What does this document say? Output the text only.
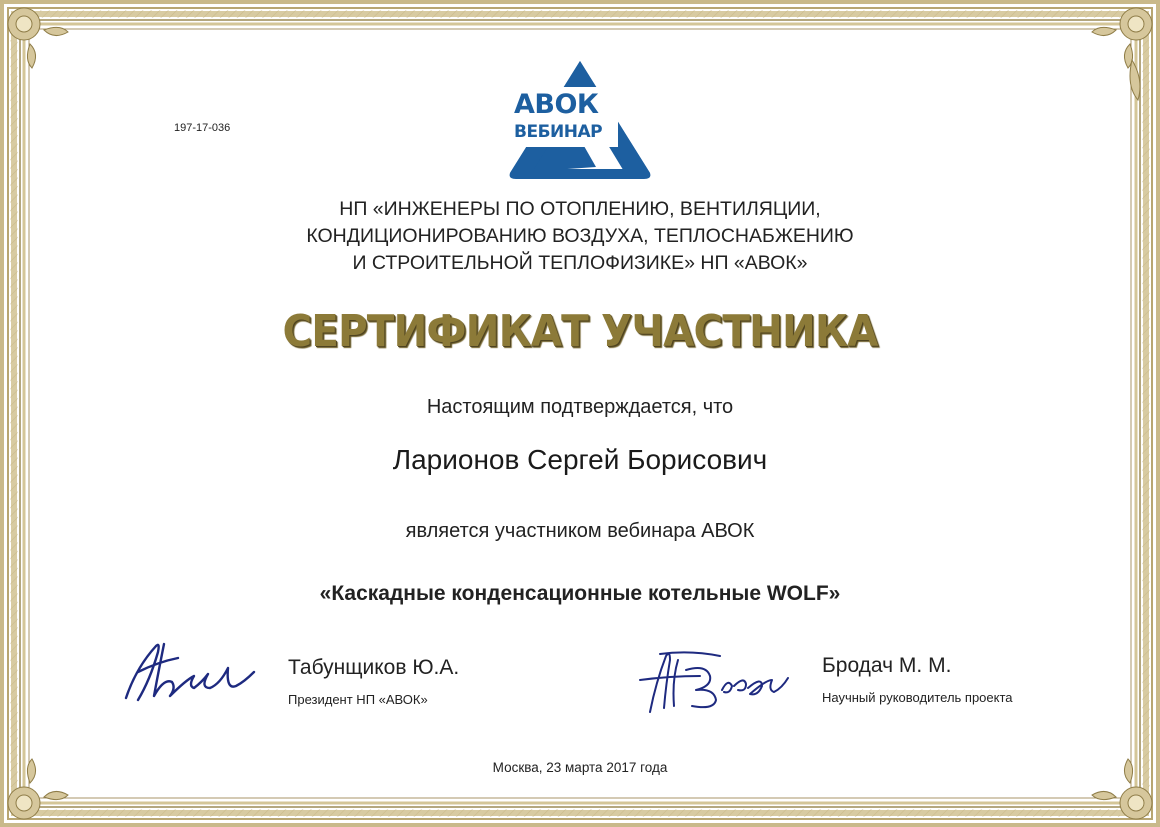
197-17-036
АВОК
ВЕБИНАР
НП «ИНЖЕНЕРЫ ПО ОТОПЛЕНИЮ, ВЕНТИЛЯЦИИ,
КОНДИЦИОНИРОВАНИЮ ВОЗДУХА, ТЕПЛОСНАБЖЕНИЮ
И СТРОИТЕЛЬНОЙ ТЕПЛОФИЗИКЕ» НП «АВОК»
СЕРТИФИКАТ УЧАСТНИКА
Настоящим подтверждается, что
Ларионов Сергей Борисович
является участником вебинара АВОК
«Каскадные конденсационные котельные WOLF»
Табунщиков Ю.А.
Президент НП «АВОК»
Бродач М. М.
Научный руководитель проекта
Москва, 23 марта 2017 года
